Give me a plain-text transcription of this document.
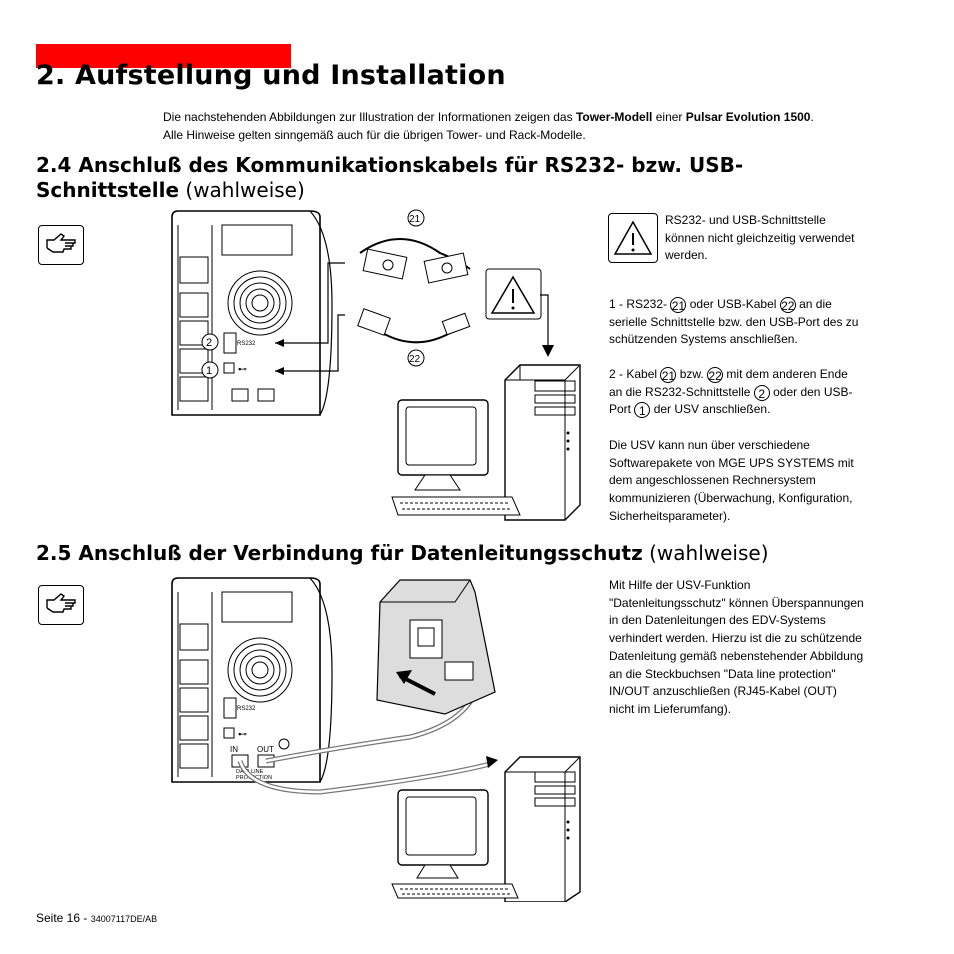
2. Aufstellung und Installation
Die nachstehenden Abbildungen zur Illustration der Informationen zeigen das Tower-Modell einer Pulsar Evolution 1500.
Alle Hinweise gelten sinngemäß auch für die übrigen Tower- und Rack-Modelle.
2.4 Anschluß des Kommunikationskabels für RS232- bzw. USB-
Schnittstelle (wahlweise)
RS232
⊷
2
1
21
22
RS232- und USB-Schnittstelle können nicht gleichzeitig verwendet werden.
1 - RS232- 21 oder USB-Kabel 22 an die serielle Schnittstelle bzw. den USB-Port des zu schützenden Systems anschließen.
2 - Kabel 21 bzw. 22 mit dem anderen Ende an die RS232-Schnittstelle 2 oder den USB-Port 1 der USV anschließen.
Die USV kann nun über verschiedene Softwarepakete von MGE UPS SYSTEMS mit dem angeschlossenen Rechnersystem kommunizieren (Überwachung, Konfiguration, Sicherheitsparameter).
2.5 Anschluß der Verbindung für Datenleitungsschutz (wahlweise)
RS232
⊷
IN OUT
DATA LINE
PROTECTION
Mit Hilfe der USV-Funktion "Datenleitungsschutz" können Überspannungen in den Datenleitungen des EDV-Systems verhindert werden. Hierzu ist die zu schützende Datenleitung gemäß nebenstehender Abbildung an die Steckbuchsen "Data line protection" IN/OUT anzuschließen (RJ45-Kabel (OUT) nicht im Lieferumfang).
Seite 16 - 34007117DE/AB
